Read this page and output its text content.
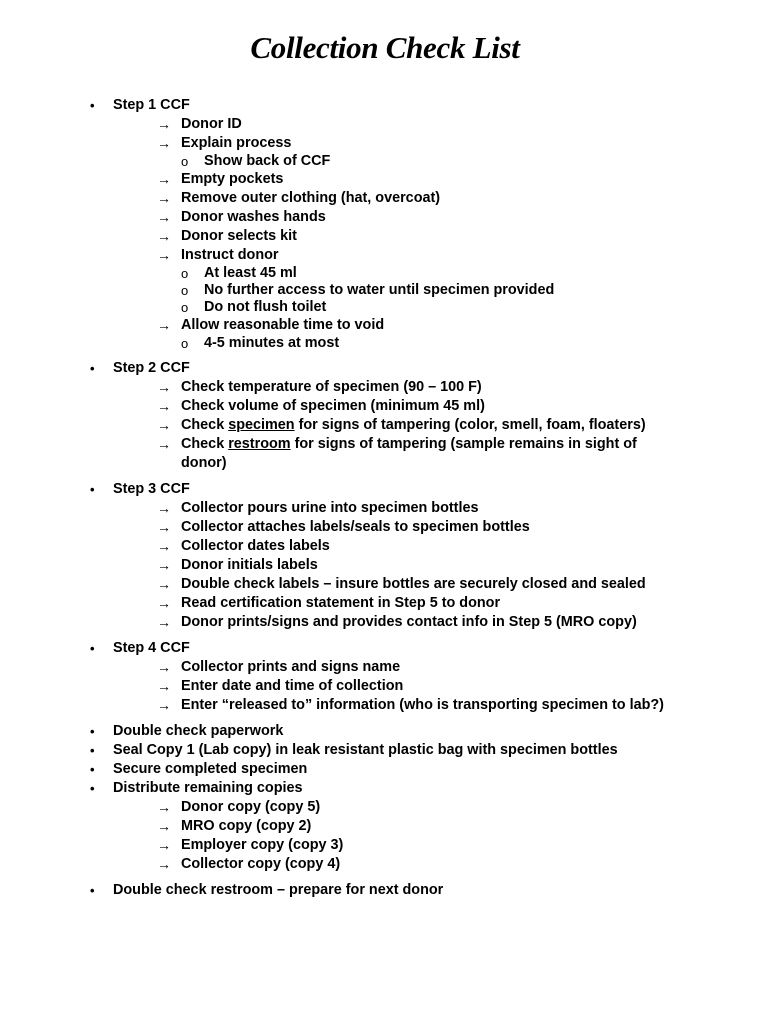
Collection Check List
• Step 1 CCF
→ Donor ID
→ Explain process
o Show back of CCF
→ Empty pockets
→ Remove outer clothing (hat, overcoat)
→ Donor washes hands
→ Donor selects kit
→ Instruct donor
o At least 45 ml
o No further access to water until specimen provided
o Do not flush toilet
→ Allow reasonable time to void
o 4-5 minutes at most
• Step 2 CCF
→ Check temperature of specimen (90 – 100 F)
→ Check volume of specimen (minimum 45 ml)
→ Check specimen for signs of tampering (color, smell, foam, floaters)
→ Check restroom for signs of tampering (sample remains in sight of donor)
• Step 3 CCF
→ Collector pours urine into specimen bottles
→ Collector attaches labels/seals to specimen bottles
→ Collector dates labels
→ Donor initials labels
→ Double check labels – insure bottles are securely closed and sealed
→ Read certification statement in Step 5 to donor
→ Donor prints/signs and provides contact info in Step 5 (MRO copy)
• Step 4 CCF
→ Collector prints and signs name
→ Enter date and time of collection
→ Enter “released to” information (who is transporting specimen to lab?)
• Double check paperwork
• Seal Copy 1 (Lab copy) in leak resistant plastic bag with specimen bottles
• Secure completed specimen
• Distribute remaining copies
→ Donor copy (copy 5)
→ MRO copy (copy 2)
→ Employer copy (copy 3)
→ Collector copy (copy 4)
• Double check restroom – prepare for next donor
